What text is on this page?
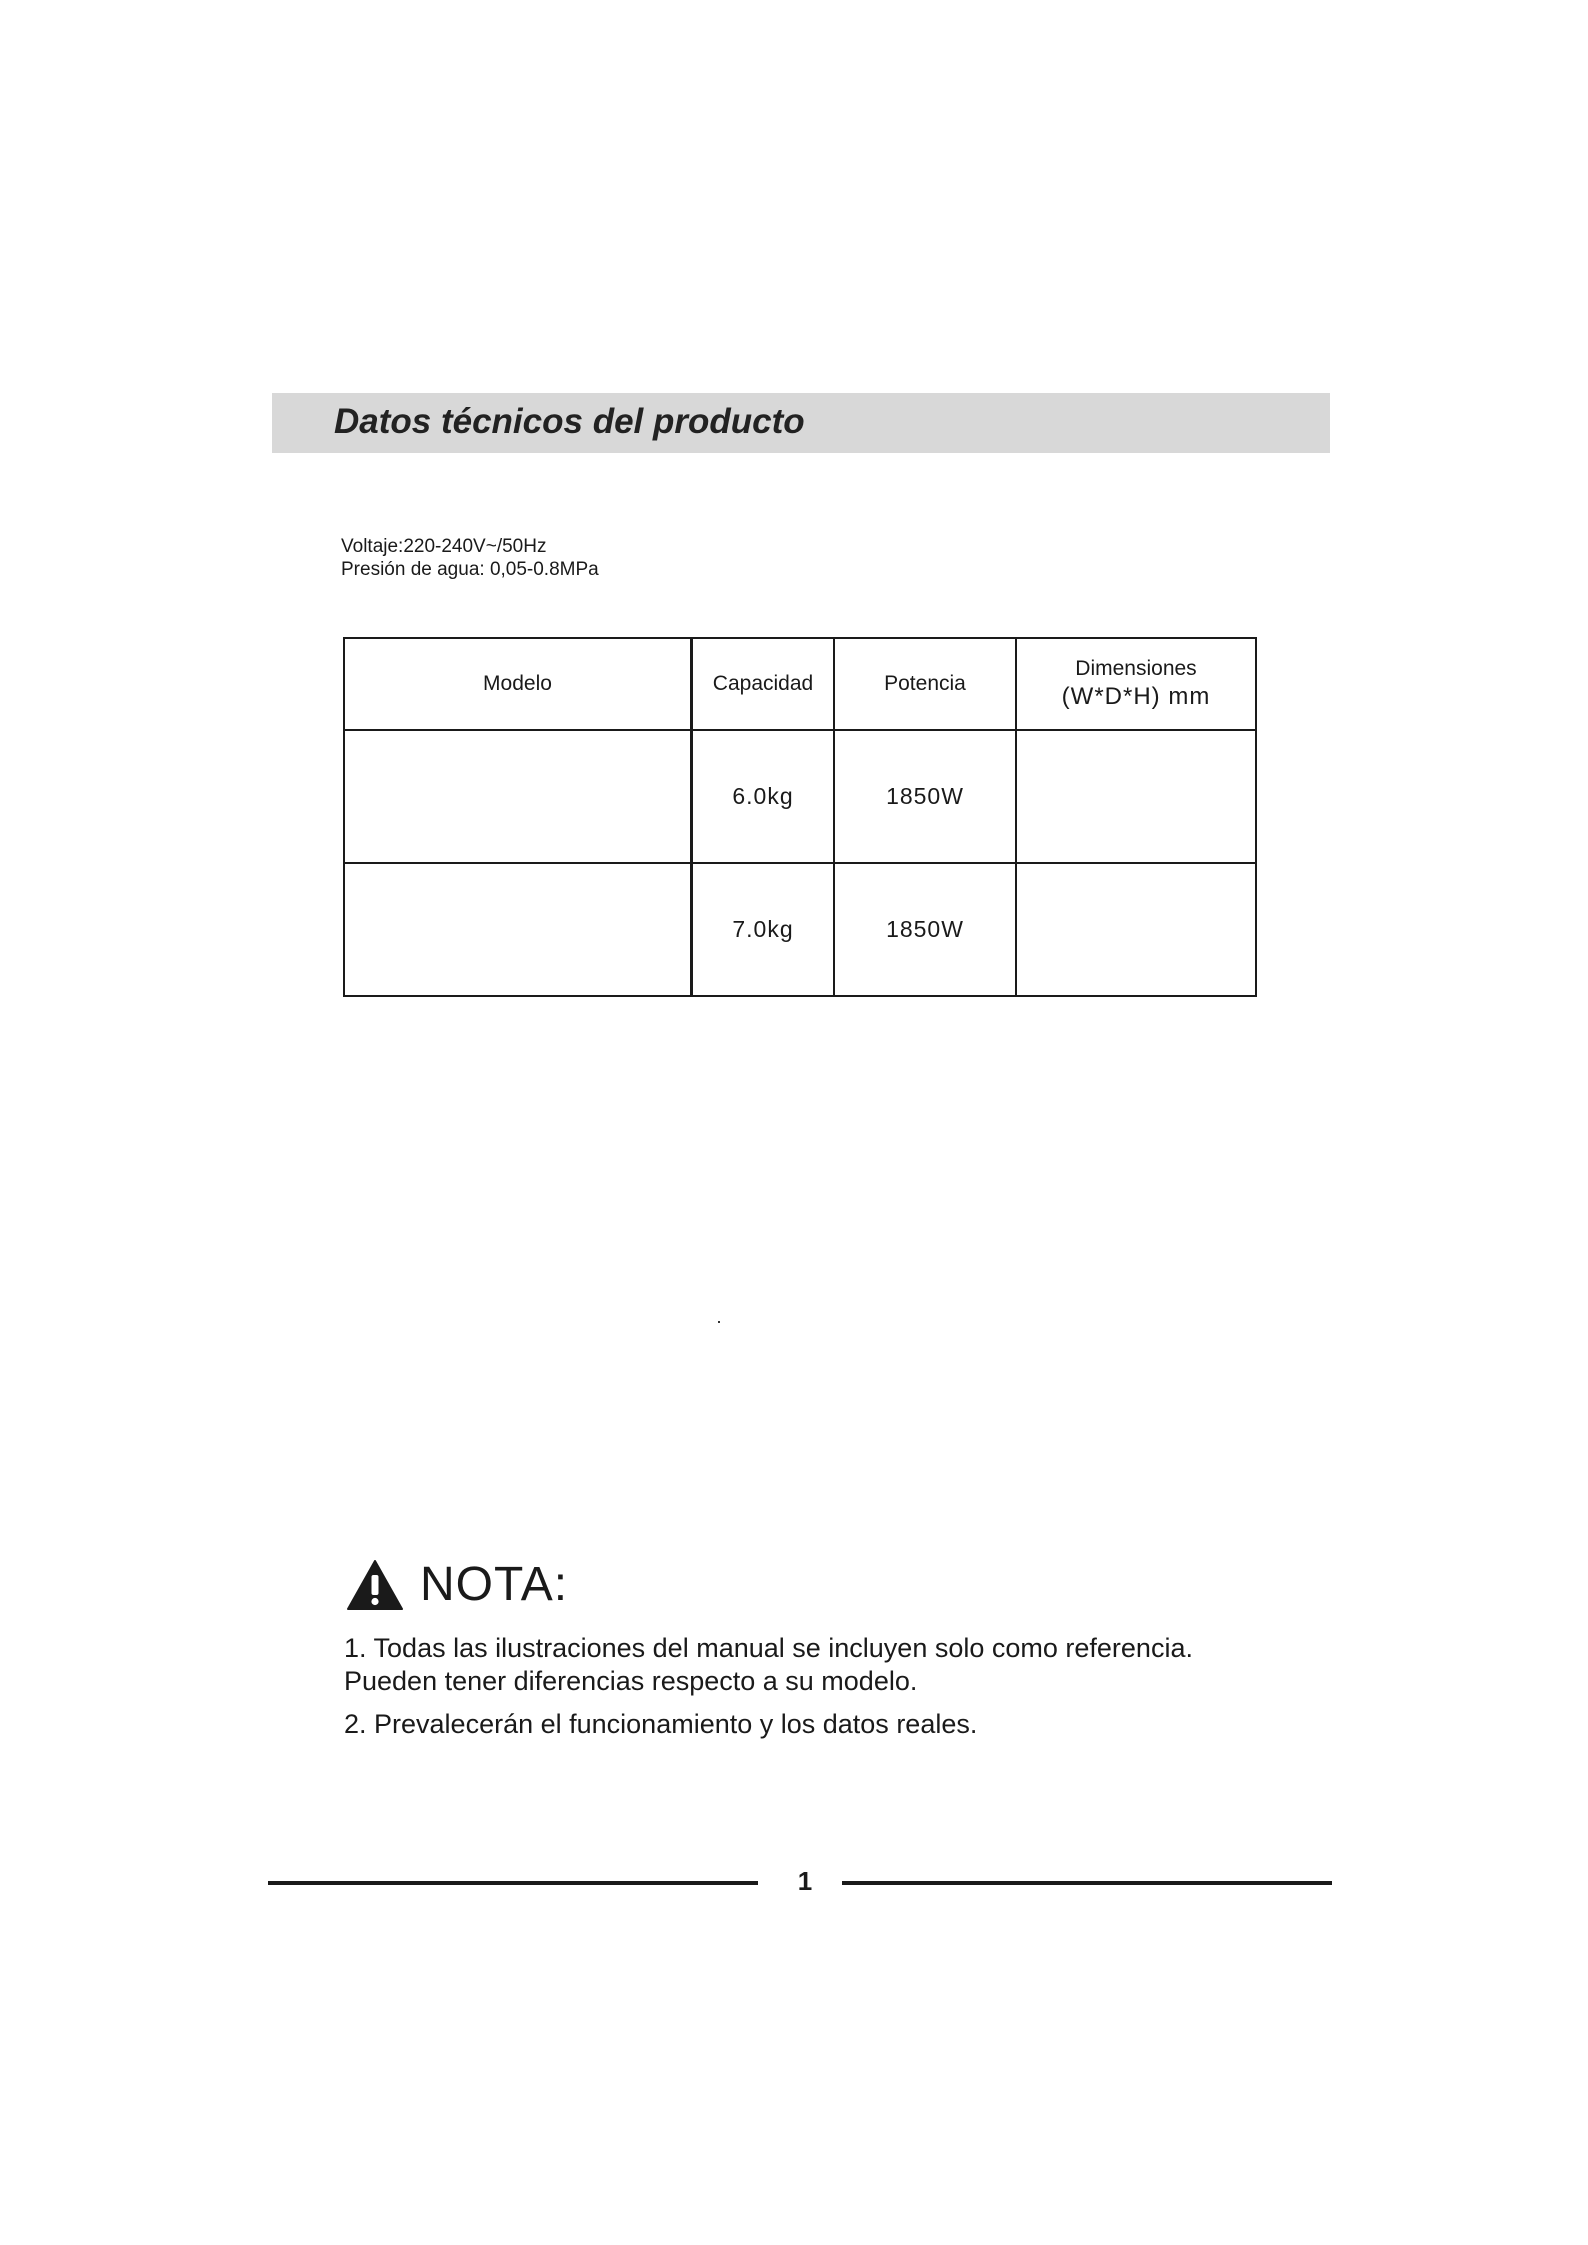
Datos técnicos del producto
Voltaje:220-240V~/50Hz
Presión de agua: 0,05-0.8MPa
Modelo	Capacidad	Potencia	Dimensiones
(W*D*H) mm

	6.0kg	1850W	
	7.0kg	1850W	
NOTA:

1. Todas las ilustraciones del manual se incluyen solo como referencia.

Pueden tener diferencias respecto a su modelo.

2. Prevalecerán el funcionamiento y los datos reales.

1
